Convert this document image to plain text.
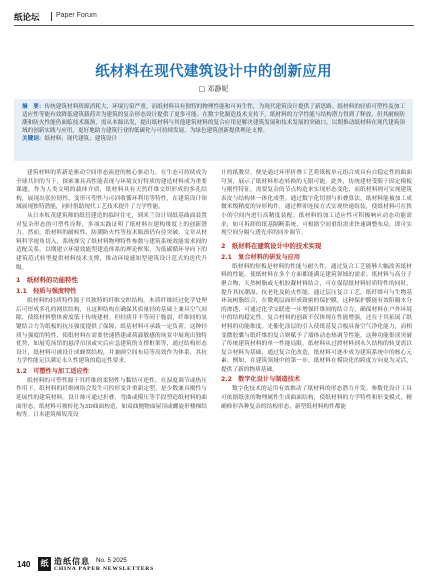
纸论坛 Paper Forum
纸材料在现代建筑设计中的创新应用
□ 邓静妮

摘　要：传统建筑材料资源消耗大、环境污染严重，而纸材料具有独特的物理性能和可再生性，为现代建筑设计提供了新思路。纸材料的轻质可塑性及加工适应性等能有效降低建筑载荷并为建筑的复杂形态设计提供了更多可能。在数字化制造技术支持下，纸材料的力学性能与结构潜力得到了释放，但其耐候防潮和防火性能仍面临技术瓶颈，需从本源出发，提出纸材料与其他建筑材料的复合应用是解决建筑发展和技术发展的突破口，以期推动纸材料在现代建筑领域的创新实践与应用，更好地助力建筑行业的低碳化与可持续发展，为绿色建筑创新提供理论支撑。

关键词：纸材料；现代建筑；建筑设计

建筑材料的革新是驱动空间形态演进的核心驱动力。在生态可持续成为全球共识的当下，探索兼具高性能表现与环境友好特质的建造材料成为重要课题。作为人类文明的载体介质，纸材料具有天然纤维交织形成的多孔结构，展现出张拉韧性、变形可塑性与可回收循环利用等特性，在建筑设计领域展现独特潜能，同时借助现代工艺技术提升了力学性能。

从日本坂茂建筑师的纸管建造的临时住宅，到米兰设计周纸基曲面装置对复杂形态的可塑性诠释，多项实践证明了纸材料在建构维度上的创新潜力。然而，纸材料的耐候性、防潮防火性等技术瓶颈仍有待突破。文章从材料科学视角切入，系统探究了纸材料物理特性参数与建筑系统效能需求间的适配关系，以期建立环境效能型建造体系的理论框架，为低碳循环导向下的建筑范式转型提供材料技术支撑，推动环境感知型建筑设计范式的迭代升级。

1　纸材料的功能特性
1.1　轻质与强度特性

纸材料的轻质特性源于其独特的纤维交织结构。木质纤维经过化学处理后可形成多孔的网状结构，且这种结构在确保其质量轻的基础上兼具空气间隙，使纸材料整体密度低于传统建材。但轻质并不等同于脆弱，纤维间的氢键结合力为纸板的抗压强度提供了保障，纸基材料可承载一定负荷。这种轻质与强度的特性，使纸材料在需要快速搭建或荷载敏感的场景中展现出独特优势，如展览场馆的悬浮吊顶或灾后应急建筑的支撑框架等，通过结构形态设计，纸材料可被设计成蜂窝结构，并兼顾空间布局等高效作为体系，其抗力学性能足以满足永久性建筑的稳定性要求。

1.2　可塑性与加工适应性

纸材料的可塑性源于其纤维的柔韧性与黏结可逆性。在湿度调节或热压作用下，纸材料的纤维网络会发生可控形变并重新定型，是少数兼具刚性与延展性的建筑材料。设计师可通过折叠、弯曲或模压等手段塑造纸材料的曲面形态，纸材料可被转化为3D曲面构造，如双曲抛物面屋顶或螺旋形楼梯结构等。日本建筑师坂茂设

计的纸教堂，便是通过环形折叠工艺将纸板单元组合成具有自稳定性的曲面穹顶，展示了纸材料形态转换的无限可能。此外，传统建材受限于固定模板与刚性特征，需要复杂的节点构造来实现形态变化，而纸材料则可实现建筑表皮与结构体一体化成型。通过数字化切割与折叠算法，纸材料能被加工成微米级精度的异形构件，通过榫卯连接方式实现快速组装，使纸材料可在狭小的空间内进行高精度装配。纸材料的加工适应性可积极响应动态功能需求，如可拆卸的纸基隔断系统，可根据空间重组需求快速调整布局，即可实现空间分隔与透光率的同步调节。

2　纸材料在建筑设计中的技术实现
2.1　复合材料的研发与应用

纸材料的短板是材料的性能与耐久性，通过复合工艺能够大幅改善纸材料的性能，使纸材料在多个方面都能满足建筑领域的需求。纸材料与高分子聚合物、天然树脂或无机胶凝材料结合，可在保留纸材料轻质特性的同时，提升其抗潮湿、抗老化及防火性能。通过层压复合工艺，纸纤维可与生物基环氧树脂结合，在微观层面形成致密的保护膜，这种保护膜能有效阻隔水分的渗透，可通过化学交联进一步增强纤维间的结合力，确保材料在户外环境中的结构稳定性。复合材料的创新不仅体现在性能增强，还在于其拓展了纸材料的功能维度。光催化涂层的引入使纸基复合板具备空气净化能力，而相变微胶囊与纸纤维的复合则赋予了墙体动态热调节性能，这种功能集成突破了传统建筑材料的单一性能局限。纸材料从过渡材料到永久结构的转变需以复合材料为基础，通过复合化改造，纸材料可逐步成为建筑系统中的核心元素。例如，在建筑领域中的第一步，纸材料在模块化的跨度方向更为灵活，提供了新的物质基础。

2.2　数字化设计与制造技术

数字化技术的运用有效推动了纸材料的形态潜力开发。参数化设计工具可依据纸张的物理属性生成曲面结构，使纸材料的力学特性和形变模式，精确修形各种复杂的结构形态，新型纸材料构件都能

140	纸 造纸信息 No. 5 2025
CHINA PAPER NEWSLETTERS
